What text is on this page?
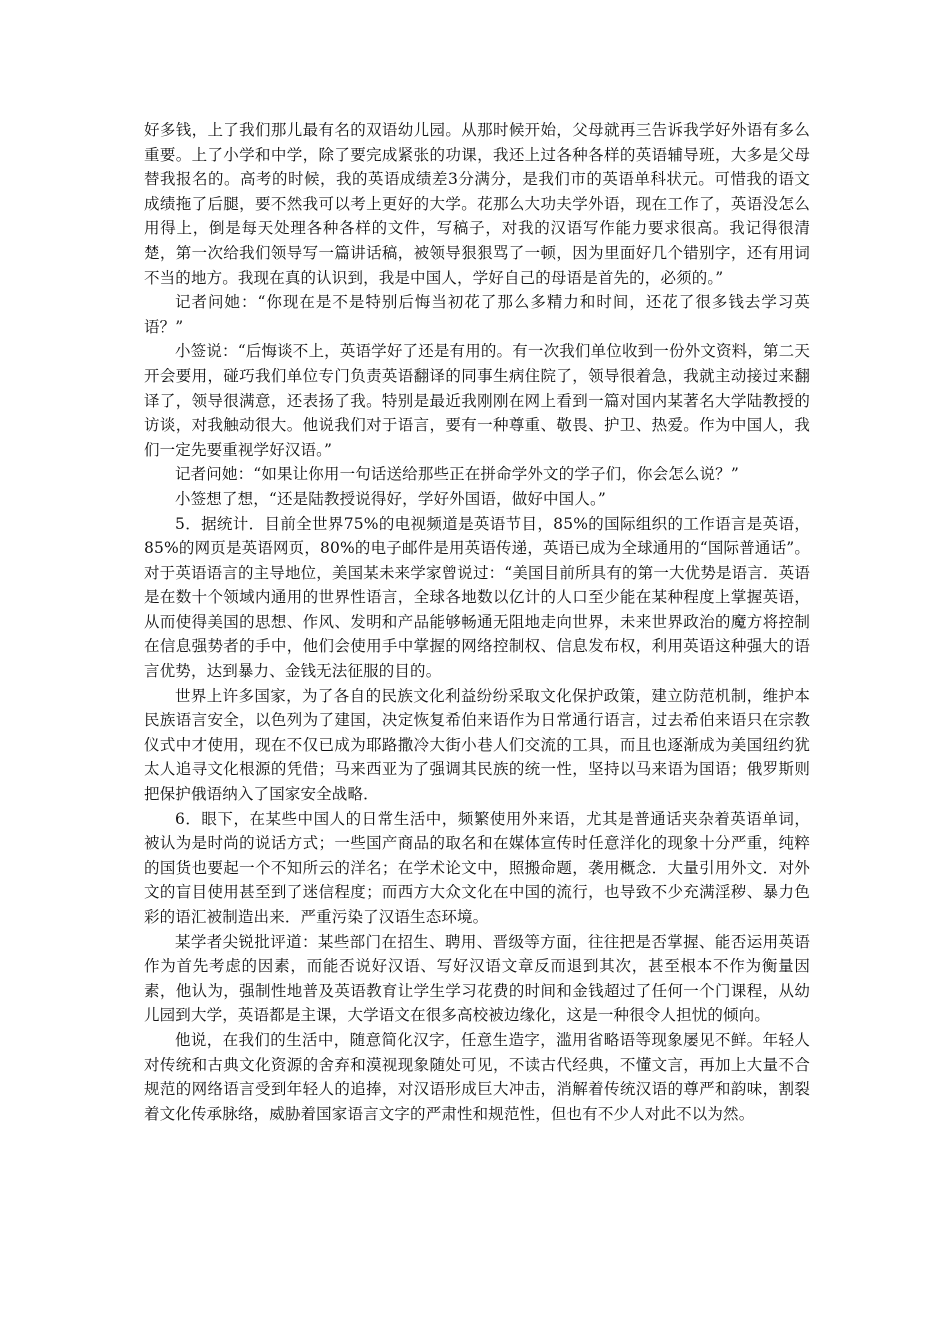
好多钱，上了我们那儿最有名的双语幼儿园。从那时候开始，父母就再三告诉我学好外语有多么重要。上了小学和中学，除了要完成紧张的功课，我还上过各种各样的英语辅导班，大多是父母替我报名的。高考的时候，我的英语成绩差3分满分，是我们市的英语单科状元。可惜我的语文成绩拖了后腿，要不然我可以考上更好的大学。花那么大功夫学外语，现在工作了，英语没怎么用得上，倒是每天处理各种各样的文件，写稿子，对我的汉语写作能力要求很高。我记得很清楚，第一次给我们领导写一篇讲话稿，被领导狠狠骂了一顿，因为里面好几个错别字，还有用词不当的地方。我现在真的认识到，我是中国人，学好自己的母语是首先的，必须的。”

记者问她：“你现在是不是特别后悔当初花了那么多精力和时间，还花了很多钱去学习英语？”

小签说：“后悔谈不上，英语学好了还是有用的。有一次我们单位收到一份外文资料，第二天开会要用，碰巧我们单位专门负责英语翻译的同事生病住院了，领导很着急，我就主动接过来翻译了，领导很满意，还表扬了我。特别是最近我刚刚在网上看到一篇对国内某著名大学陆教授的访谈，对我触动很大。他说我们对于语言，要有一种尊重、敬畏、护卫、热爱。作为中国人，我们一定先要重视学好汉语。”

记者问她：“如果让你用一句话送给那些正在拼命学外文的学子们，你会怎么说？”

小签想了想，“还是陆教授说得好，学好外国语，做好中国人。”

5．据统计．目前全世界75%的电视频道是英语节目，85%的国际组织的工作语言是英语，85%的网页是英语网页，80%的电子邮件是用英语传递，英语已成为全球通用的“国际普通话”。对于英语语言的主导地位，美国某未来学家曾说过：“美国目前所具有的第一大优势是语言．英语是在数十个领域内通用的世界性语言，全球各地数以亿计的人口至少能在某种程度上掌握英语，从而使得美国的思想、作风、发明和产品能够畅通无阻地走向世界，未来世界政治的魔方将控制在信息强势者的手中，他们会使用手中掌握的网络控制权、信息发布权，利用英语这种强大的语言优势，达到暴力、金钱无法征服的目的。

世界上许多国家，为了各自的民族文化利益纷纷采取文化保护政策，建立防范机制，维护本民族语言安全，以色列为了建国，决定恢复希伯来语作为日常通行语言，过去希伯来语只在宗教仪式中才使用，现在不仅已成为耶路撒冷大街小巷人们交流的工具，而且也逐渐成为美国纽约犹太人追寻文化根源的凭借；马来西亚为了强调其民族的统一性，坚持以马来语为国语；俄罗斯则把保护俄语纳入了国家安全战略．

6．眼下，在某些中国人的日常生活中，频繁使用外来语，尤其是普通话夹杂着英语单词，被认为是时尚的说话方式；一些国产商品的取名和在媒体宣传时任意洋化的现象十分严重，纯粹的国货也要起一个不知所云的洋名；在学术论文中，照搬命题，袭用概念．大量引用外文．对外文的盲目使用甚至到了迷信程度；而西方大众文化在中国的流行，也导致不少充满淫秽、暴力色彩的语汇被制造出来．严重污染了汉语生态环境。

某学者尖锐批评道：某些部门在招生、聘用、晋级等方面，往往把是否掌握、能否运用英语作为首先考虑的因素，而能否说好汉语、写好汉语文章反而退到其次，甚至根本不作为衡量因素，他认为，强制性地普及英语教育让学生学习花费的时间和金钱超过了任何一个门课程，从幼儿园到大学，英语都是主课，大学语文在很多高校被边缘化，这是一种很令人担忧的倾向。

他说，在我们的生活中，随意简化汉字，任意生造字，滥用省略语等现象屡见不鲜。年轻人对传统和古典文化资源的舍弃和漠视现象随处可见，不读古代经典，不懂文言，再加上大量不合规范的网络语言受到年轻人的追捧，对汉语形成巨大冲击，消解着传统汉语的尊严和韵味，割裂着文化传承脉络，威胁着国家语言文字的严肃性和规范性，但也有不少人对此不以为然。
